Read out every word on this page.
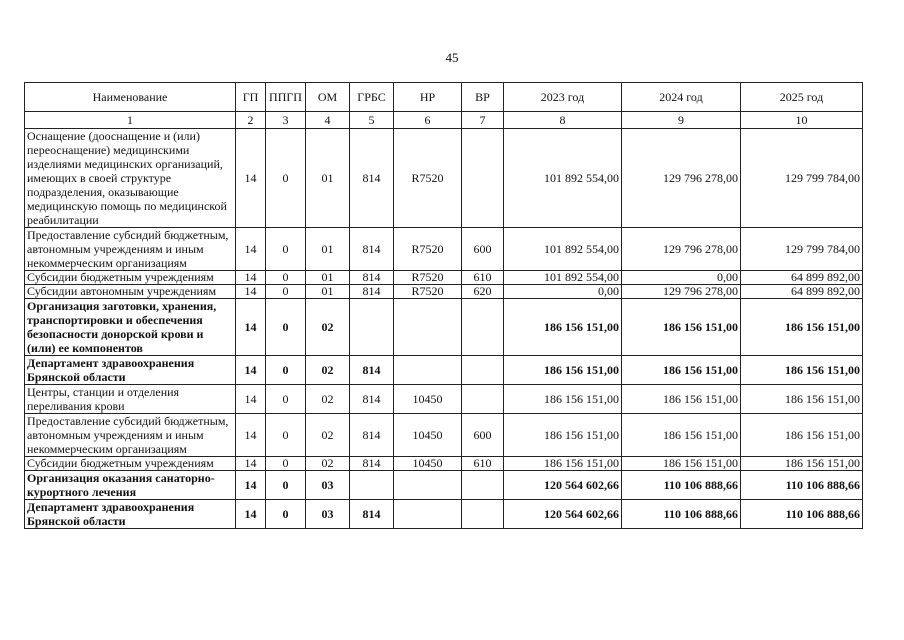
45
Наименование	ГП	ППГП	ОМ	ГРБС	НР	ВР	2023 год	2024 год	2025 год
1	2	3	4	5	6	7	8	9	10
Оснащение (дооснащение и (или) переоснащение) медицинскими изделиями медицинских организаций, имеющих в своей структуре подразделения, оказывающие медицинскую помощь по медицинской реабилитации	14	0	01	814	R7520		101 892 554,00	129 796 278,00	129 799 784,00
Предоставление субсидий бюджетным, автономным учреждениям и иным некоммерческим организациям	14	0	01	814	R7520	600	101 892 554,00	129 796 278,00	129 799 784,00
Субсидии бюджетным учреждениям	14	0	01	814	R7520	610	101 892 554,00	0,00	64 899 892,00
Субсидии автономным учреждениям	14	0	01	814	R7520	620	0,00	129 796 278,00	64 899 892,00
Организация заготовки, хранения, транспортировки и обеспечения безопасности донорской крови и (или) ее компонентов	14	0	02				186 156 151,00	186 156 151,00	186 156 151,00
Департамент здравоохранения Брянской области	14	0	02	814			186 156 151,00	186 156 151,00	186 156 151,00
Центры, станции и отделения переливания крови	14	0	02	814	10450		186 156 151,00	186 156 151,00	186 156 151,00
Предоставление субсидий бюджетным, автономным учреждениям и иным некоммерческим организациям	14	0	02	814	10450	600	186 156 151,00	186 156 151,00	186 156 151,00
Субсидии бюджетным учреждениям	14	0	02	814	10450	610	186 156 151,00	186 156 151,00	186 156 151,00
Организация оказания санаторно-курортного лечения	14	0	03				120 564 602,66	110 106 888,66	110 106 888,66
Департамент здравоохранения Брянской области	14	0	03	814			120 564 602,66	110 106 888,66	110 106 888,66
